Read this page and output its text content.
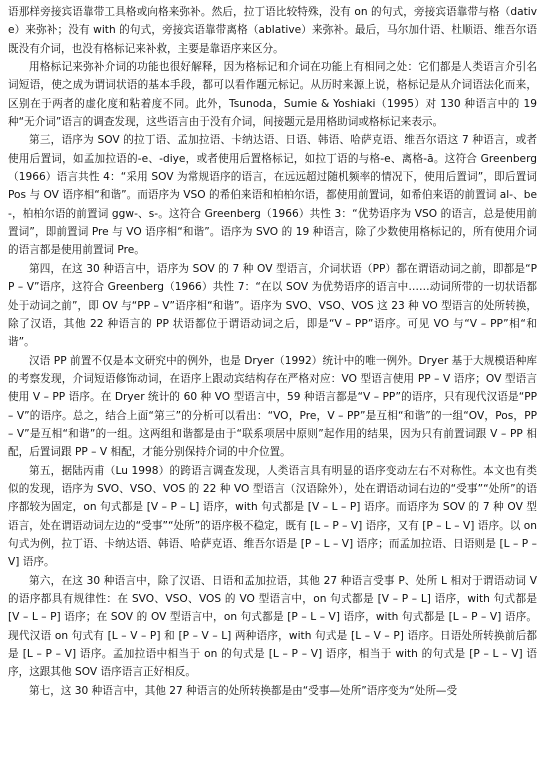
语那样旁接宾语靠带工具格或向格来弥补。然后，拉丁语比较特殊，没有 on 的句式，旁接宾语靠带与格（dative）来弥补；没有 with 的句式，旁接宾语靠带离格（ablative）来弥补。最后，马尔加什语、杜顺语、维吾尔语既没有介词，也没有格标记来补救，主要是靠语序来区分。

用格标记来弥补介词的功能也很好解释，因为格标记和介词在功能上有相同之处：它们都是人类语言介引名词短语，使之成为谓词状语的基本手段，都可以看作题元标记。从历时来源上说，格标记是从介词语法化而来，区别在于两者的虚化度和粘着度不同。此外，Tsunoda，Sumie & Yoshiaki（1995）对 130 种语言中的 19 种“无介词”语言的调查发现，这些语言由于没有介词，间接题元是用格助词或格标记来表示。

第三，语序为 SOV 的拉丁语、孟加拉语、卡纳达语、日语、韩语、哈萨克语、维吾尔语这 7 种语言，或者使用后置词，如孟加拉语的-e、-diye，或者使用后置格标记，如拉丁语的与格-e、离格-ā。这符合 Greenberg（1966）语言共性 4：“采用 SOV 为常规语序的语言，在远远超过随机频率的情况下，使用后置词”，即后置词 Pos 与 OV 语序相“和谐”。而语序为 VSO 的希伯来语和柏柏尔语，都使用前置词，如希伯来语的前置词 al-、be-，柏柏尔语的前置词 ggw-、s-。这符合 Greenberg（1966）共性 3：“优势语序为 VSO 的语言，总是使用前置词”，即前置词 Pre 与 VO 语序相“和谐”。语序为 SVO 的 19 种语言，除了少数使用格标记的，所有使用介词的语言都是使用前置词 Pre。

第四，在这 30 种语言中，语序为 SOV 的 7 种 OV 型语言，介词状语（PP）都在谓语动词之前，即都是“PP – V”语序，这符合 Greenberg（1966）共性 7：“在以 SOV 为优势语序的语言中……动词所带的一切状语都处于动词之前”，即 OV 与“PP – V”语序相“和谐”。语序为 SVO、VSO、VOS 这 23 种 VO 型语言的处所转换，除了汉语，其他 22 种语言的 PP 状语都位于谓语动词之后，即是“V – PP”语序。可见 VO 与“V – PP”相“和谐”。

汉语 PP 前置不仅是本文研究中的例外，也是 Dryer（1992）统计中的唯一例外。Dryer 基于大规模语种库的考察发现，介词短语修饰动词，在语序上跟动宾结构存在严格对应：VO 型语言使用 PP – V 语序；OV 型语言使用 V – PP 语序。在 Dryer 统计的 60 种 VO 型语言中，59 种语言都是“V – PP”的语序，只有现代汉语是“PP – V”的语序。总之，结合上面“第三”的分析可以看出：“VO，Pre，V – PP”是互相“和谐”的一组“OV，Pos，PP – V”是互相“和谐”的一组。这两组和谐都是由于“联系项居中原则”起作用的结果，因为只有前置词跟 V – PP 相配，后置词跟 PP – V 相配，才能分别保持介词的中介位置。

第五，据陆丙甫（Lu 1998）的跨语言调查发现，人类语言具有明显的语序变动左右不对称性。本文也有类似的发现，语序为 SVO、VSO、VOS 的 22 种 VO 型语言（汉语除外），处在谓语动词右边的“受事”“处所”的语序都较为固定，on 句式都是 [V – P – L] 语序，with 句式都是 [V – L – P] 语序。而语序为 SOV 的 7 种 OV 型语言，处在谓语动词左边的“受事”“处所”的语序极不稳定，既有 [L – P – V] 语序，又有 [P – L – V] 语序。以 on 句式为例，拉丁语、卡纳达语、韩语、哈萨克语、维吾尔语是 [P – L – V] 语序；而孟加拉语、日语则是 [L – P – V] 语序。

第六，在这 30 种语言中，除了汉语、日语和孟加拉语，其他 27 种语言受事 P、处所 L 相对于谓语动词 V 的语序都具有规律性：在 SVO、VSO、VOS 的 VO 型语言中，on 句式都是 [V – P – L] 语序，with 句式都是 [V – L – P] 语序；在 SOV 的 OV 型语言中，on 句式都是 [P – L – V] 语序，with 句式都是 [L – P – V] 语序。现代汉语 on 句式有 [L – V – P] 和 [P – V – L] 两种语序，with 句式是 [L – V – P] 语序。日语处所转换前后都是 [L – P – V] 语序。孟加拉语中相当于 on 的句式是 [L – P – V] 语序，相当于 with 的句式是 [P – L – V] 语序，这跟其他 SOV 语序语言正好相反。

第七，这 30 种语言中，其他 27 种语言的处所转换都是由“受事—处所”语序变为“处所—受
